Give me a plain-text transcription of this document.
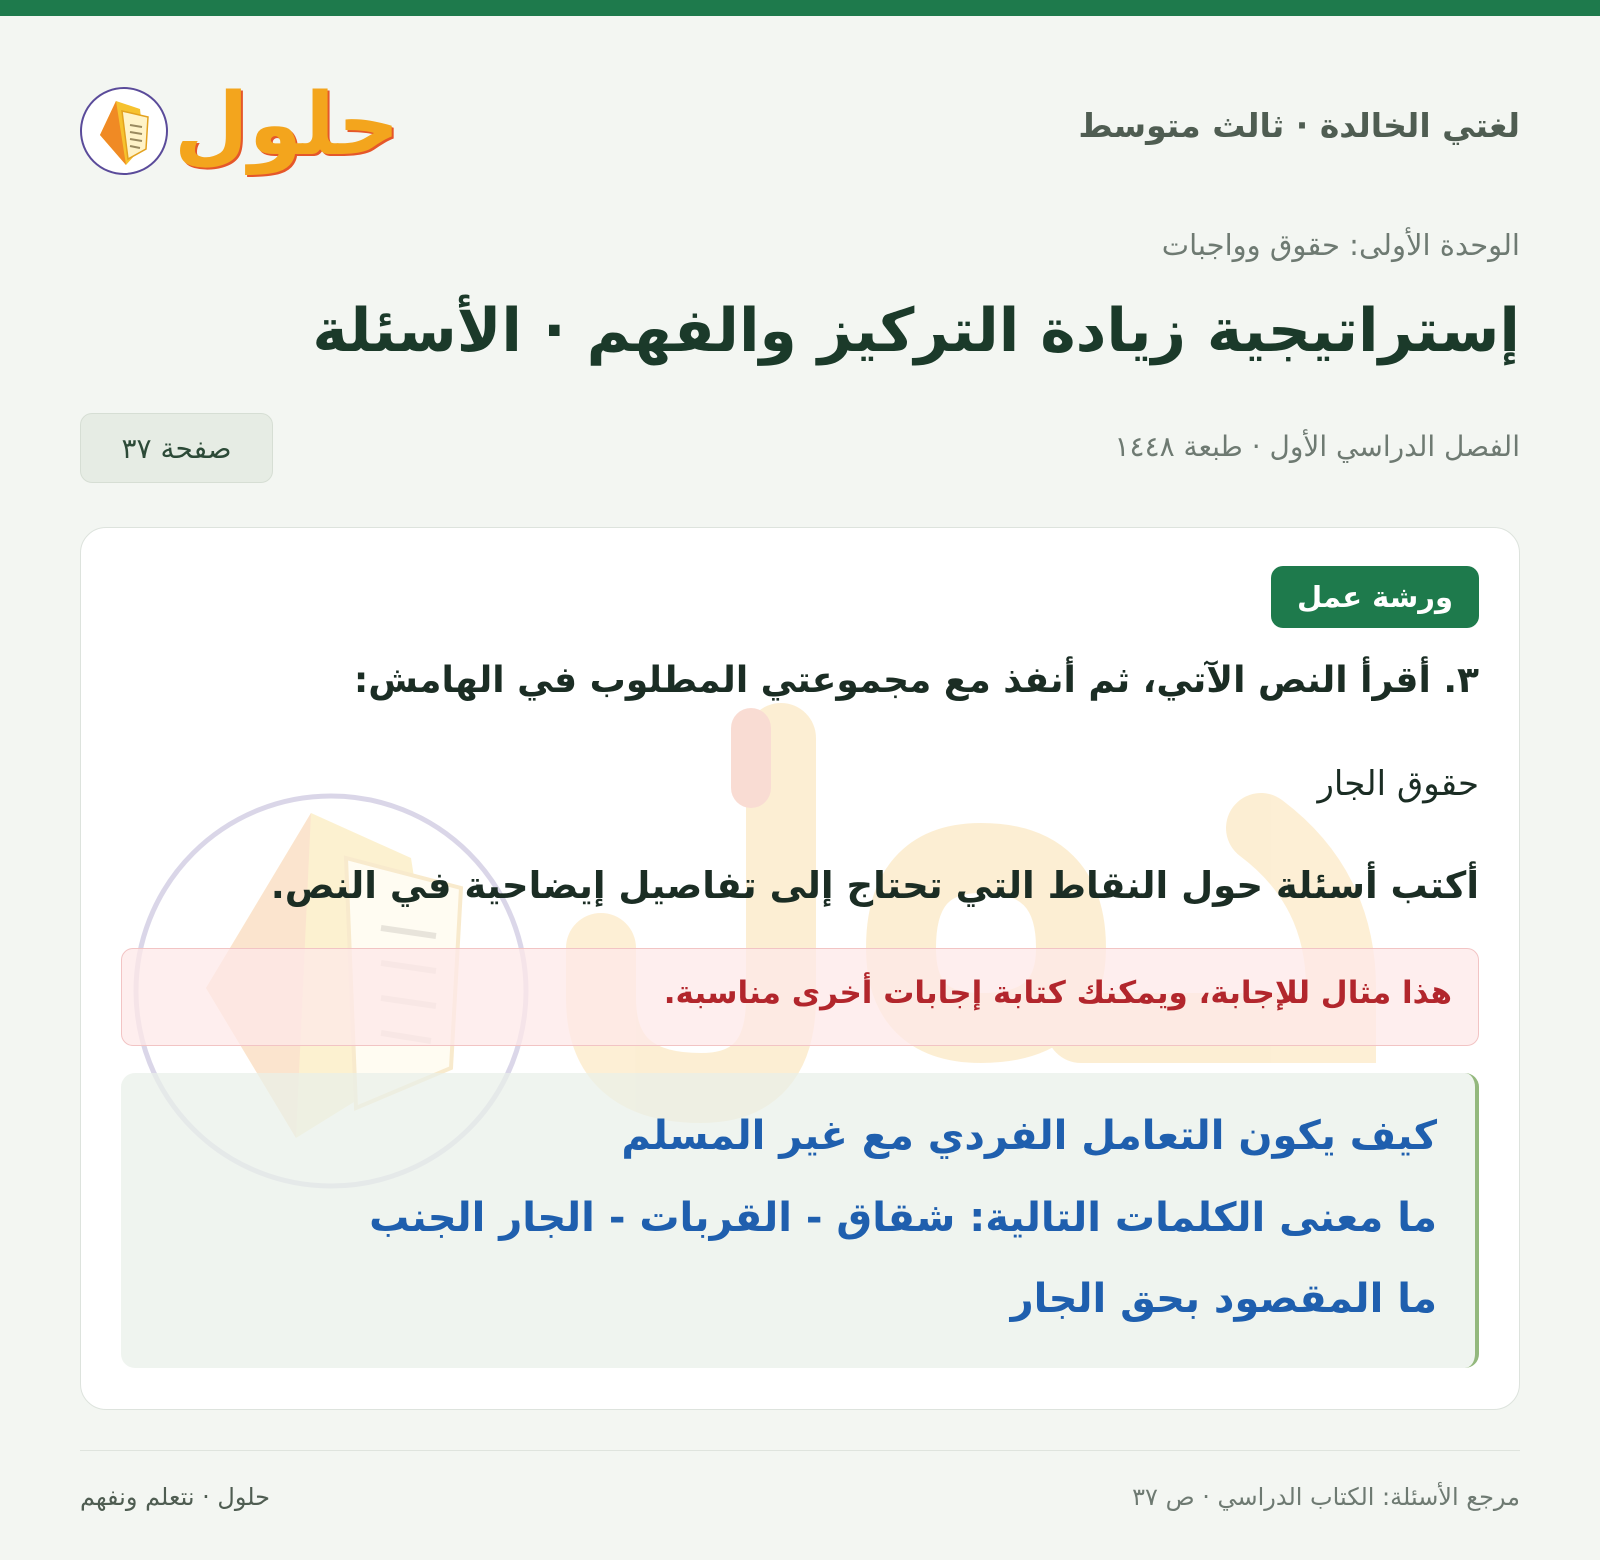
لغتي الخالدة · ثالث متوسط
حلول
الوحدة الأولى: حقوق وواجبات
إستراتيجية زيادة التركيز والفهم · الأسئلة
الفصل الدراسي الأول · طبعة ١٤٤٨
صفحة ٣٧
ورشة عمل
٣. أقرأ النص الآتي، ثم أنفذ مع مجموعتي المطلوب في الهامش:
حقوق الجار
أكتب أسئلة حول النقاط التي تحتاج إلى تفاصيل إيضاحية في النص.
هذا مثال للإجابة، ويمكنك كتابة إجابات أخرى مناسبة.
كيف يكون التعامل الفردي مع غير المسلم
ما معنى الكلمات التالية: شقاق - القربات - الجار الجنب
ما المقصود بحق الجار
مرجع الأسئلة: الكتاب الدراسي · ص ٣٧
حلول · نتعلم ونفهم
